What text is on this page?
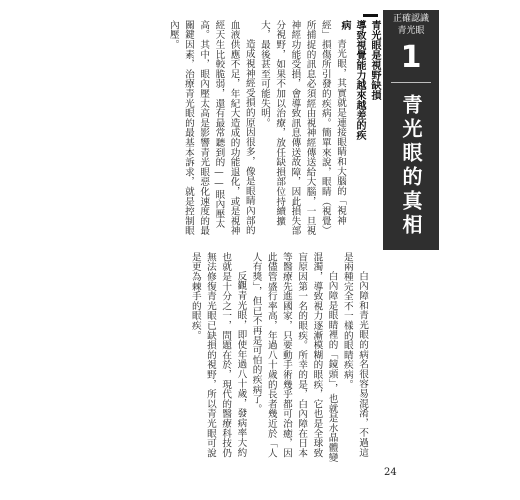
正確認識
青光眼
1
青光眼的真相
青光眼是視野缺損
導致視覺能力越來越差的疾病

青光眼，其實就是連接眼睛和大腦的「視神經」損傷所引發的疾病。簡單來說，眼睛（視覺）所捕捉的訊息必須經由視神經傳送給大腦，一旦視神經功能受損，會導致訊息傳送故障，因此損失部分視野，如果不加以治療，放任缺損部位持續擴大，最後甚至可能失明。

造成視神經受損的原因很多，像是眼睛內部的血液供應不足，年紀大造成的功能退化，或是視神經天生比較脆弱，還有最常聽到的——眼內壓太高。其中，眼內壓太高是影響青光眼惡化速度的最關鍵因素，治療青光眼的最基本訴求，就是控制眼內壓。

白內障和青光眼的病名很容易混淆，不過這是兩種完全不一樣的眼睛疾病。

白內障是眼睛裡的「鏡頭」，也就是水晶體變混濁，導致視力逐漸模糊的眼疾，它也是全球致盲原因第一名的眼疾。所幸的是，白內障在日本等醫療先進國家，只要動手術幾乎都可治癒，因此儘管盛行率高，年過八十歲的長者幾近於「人人有獎」，但已不再是可怕的疾病了。

反觀青光眼，即使年過八十歲，發病率大約也就是十分之一，問題在於，現代的醫療科技仍無法修復青光眼已缺損的視野，所以青光眼可說是更為棘手的眼疾。

24
